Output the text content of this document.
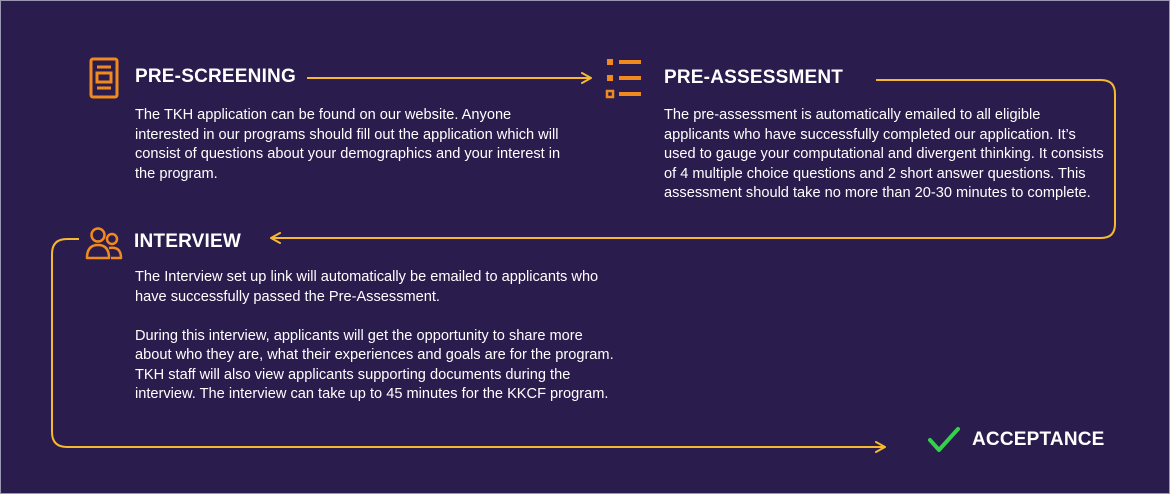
PRE-SCREENING

The TKH application can be found on our website. Anyone interested in our programs should fill out the application which will consist of questions about your demographics and your interest in the program.

PRE-ASSESSMENT

The pre-assessment is automatically emailed to all eligible applicants who have successfully completed our application. It’s used to gauge your computational and divergent thinking. It consists of 4 multiple choice questions and 2 short answer questions. This assessment should take no more than 20-30 minutes to complete.

INTERVIEW

The Interview set up link will automatically be emailed to applicants who have successfully passed the Pre-Assessment.

During this interview, applicants will get the opportunity to share more about who they are, what their experiences and goals are for the program. TKH staff will also view applicants supporting documents during the interview. The interview can take up to 45 minutes for the KKCF program.

ACCEPTANCE
